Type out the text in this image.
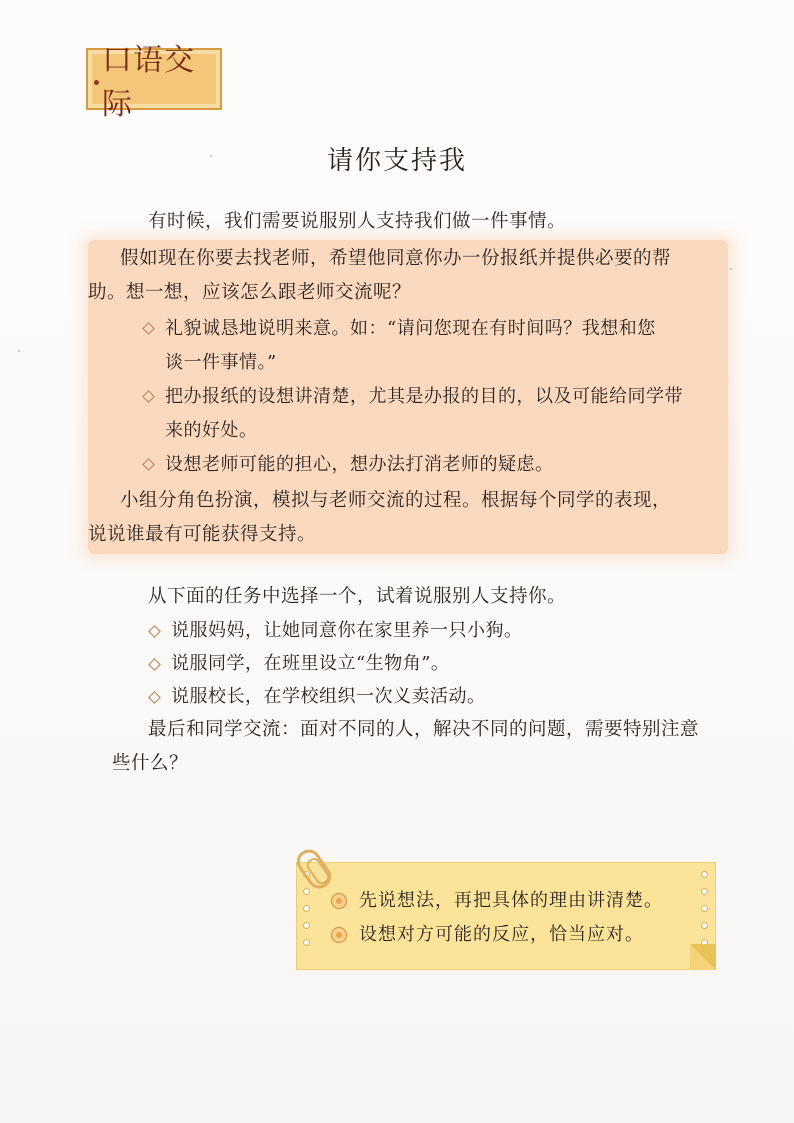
口语交际
请你支持我
有时候，我们需要说服别人支持我们做一件事情。
假如现在你要去找老师，希望他同意你办一份报纸并提供必要的帮
助。想一想，应该怎么跟老师交流呢？
礼貌诚恳地说明来意。如：“请问您现在有时间吗？我想和您
谈一件事情。”
把办报纸的设想讲清楚，尤其是办报的目的，以及可能给同学带
来的好处。
设想老师可能的担心，想办法打消老师的疑虑。
小组分角色扮演，模拟与老师交流的过程。根据每个同学的表现，
说说谁最有可能获得支持。
从下面的任务中选择一个，试着说服别人支持你。
说服妈妈，让她同意你在家里养一只小狗。
说服同学，在班里设立“生物角”。
说服校长，在学校组织一次义卖活动。
最后和同学交流：面对不同的人，解决不同的问题，需要特别注意
些什么？
先说想法，再把具体的理由讲清楚。
设想对方可能的反应，恰当应对。
